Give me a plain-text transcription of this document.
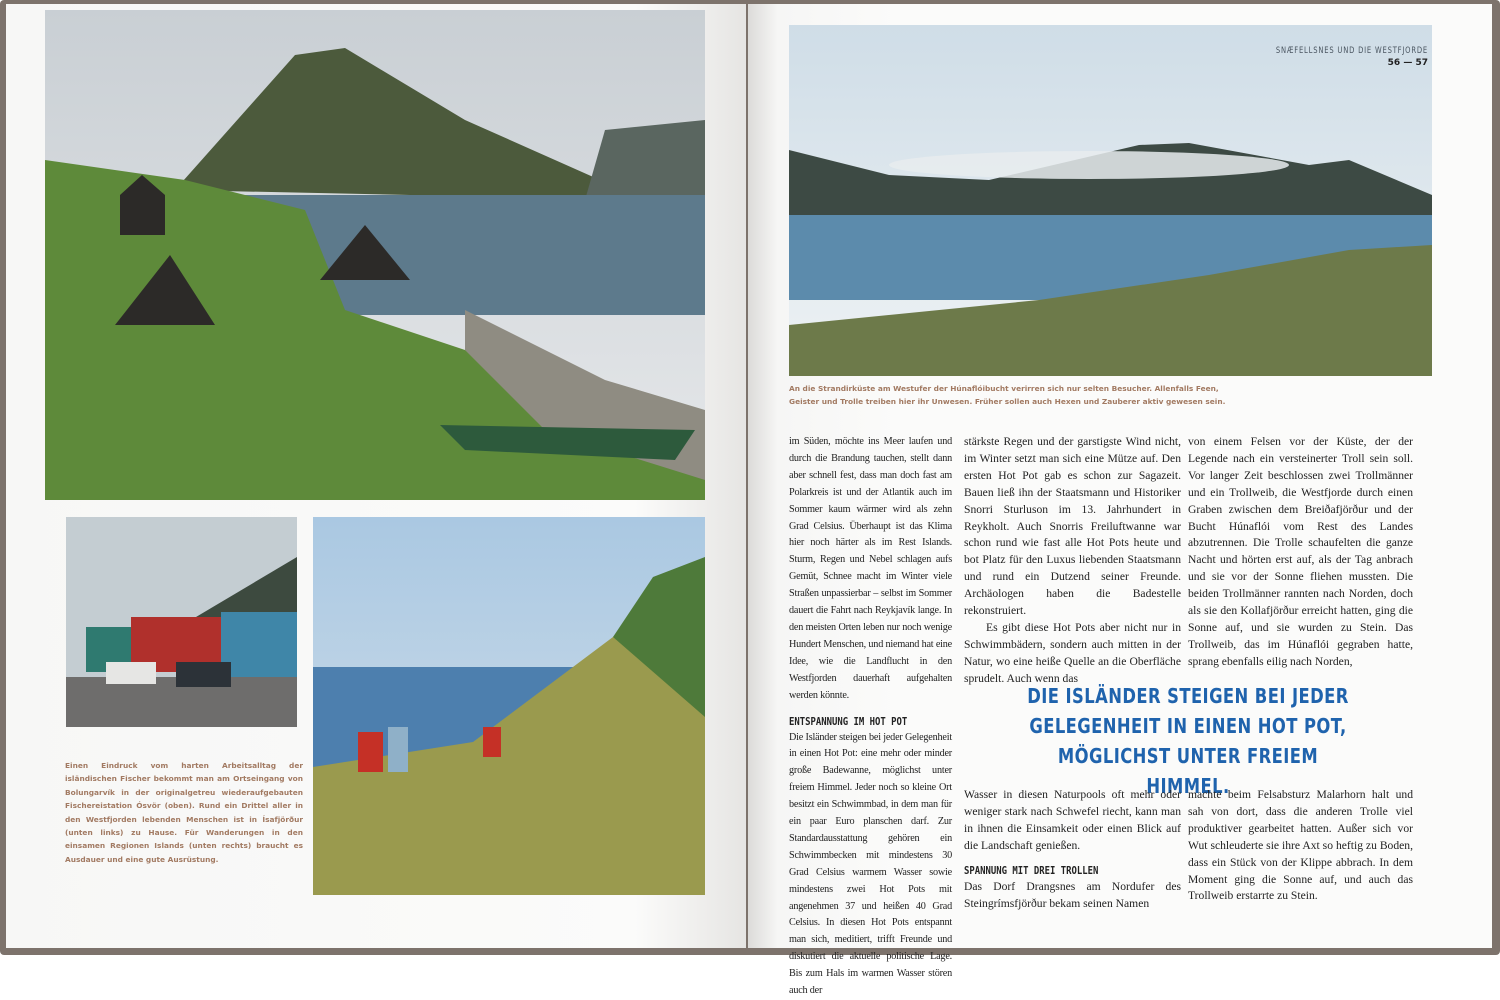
Einen Eindruck vom harten Arbeitsalltag der isländischen Fischer bekommt man am Ortseingang von Bolungarvík in der originalgetreu wiederaufgebauten Fischereistation Ósvör (oben). Rund ein Drittel aller in den Westfjorden lebenden Menschen ist in Ísafjörður (unten links) zu Hause. Für Wanderungen in den einsamen Regionen Islands (unten rechts) braucht es Ausdauer und eine gute Ausrüstung.
SNÆFELLSNES UND DIE WESTFJORDE
56 — 57
An die Strandirküste am Westufer der Húnaflóibucht verirren sich nur selten Besucher. Allenfalls Feen, Geister und Trolle treiben hier ihr Unwesen. Früher sollen auch Hexen und Zauberer aktiv gewesen sein.

im Süden, möchte ins Meer laufen und durch die Brandung tauchen, stellt dann aber schnell fest, dass man doch fast am Polarkreis ist und der Atlantik auch im Sommer kaum wärmer wird als zehn Grad Celsius. Überhaupt ist das Klima hier noch härter als im Rest Islands. Sturm, Regen und Nebel schlagen aufs Gemüt, Schnee macht im Winter viele Straßen unpassierbar – selbst im Sommer dauert die Fahrt nach Reykjavík lange. In den meisten Orten leben nur noch wenige Hundert Menschen, und niemand hat eine Idee, wie die Landflucht in den Westfjorden dauerhaft aufgehalten werden könnte.

ENTSPANNUNG IM HOT POT

Die Isländer steigen bei jeder Gelegenheit in einen Hot Pot: eine mehr oder minder große Badewanne, möglichst unter freiem Himmel. Jeder noch so kleine Ort besitzt ein Schwimmbad, in dem man für ein paar Euro planschen darf. Zur Standardausstattung gehören ein Schwimmbecken mit mindestens 30 Grad Celsius warmem Wasser sowie mindestens zwei Hot Pots mit angenehmen 37 und heißen 40 Grad Celsius. In diesen Hot Pots entspannt man sich, meditiert, trifft Freunde und diskutiert die aktuelle politische Lage. Bis zum Hals im warmen Wasser stören auch der

stärkste Regen und der garstigste Wind nicht, im Winter setzt man sich eine Mütze auf. Den ersten Hot Pot gab es schon zur Sagazeit. Bauen ließ ihn der Staatsmann und Historiker Snorri Sturluson im 13. Jahrhundert in Reykholt. Auch Snorris Freiluftwanne war schon rund wie fast alle Hot Pots heute und bot Platz für den Luxus liebenden Staatsmann und rund ein Dutzend seiner Freunde. Archäologen haben die Badestelle rekonstruiert.

Es gibt diese Hot Pots aber nicht nur in Schwimmbädern, sondern auch mitten in der Natur, wo eine heiße Quelle an die Oberfläche sprudelt. Auch wenn das

von einem Felsen vor der Küste, der der Legende nach ein versteinerter Troll sein soll. Vor langer Zeit beschlossen zwei Trollmänner und ein Trollweib, die Westfjorde durch einen Graben zwischen dem Breiðafjörður und der Bucht Húnaflói vom Rest des Landes abzutrennen. Die Trolle schaufelten die ganze Nacht und hörten erst auf, als der Tag anbrach und sie vor der Sonne fliehen mussten. Die beiden Trollmänner rannten nach Norden, doch als sie den Kollafjörður erreicht hatten, ging die Sonne auf, und sie wurden zu Stein. Das Trollweib, das im Húnaflói gegraben hatte, sprang ebenfalls eilig nach Norden,

DIE ISLÄNDER STEIGEN BEI JEDER GELEGENHEIT IN EINEN HOT POT, MÖGLICHST UNTER FREIEM HIMMEL.

Wasser in diesen Naturpools oft mehr oder weniger stark nach Schwefel riecht, kann man in ihnen die Einsamkeit oder einen Blick auf die Landschaft genießen.

SPANNUNG MIT DREI TROLLEN

Das Dorf Drangsnes am Nordufer des Steingrímsfjörður bekam seinen Namen

machte beim Felsabsturz Malarhorn halt und sah von dort, dass die anderen Trolle viel produktiver gearbeitet hatten. Außer sich vor Wut schleuderte sie ihre Axt so heftig zu Boden, dass ein Stück von der Klippe abbrach. In dem Moment ging die Sonne auf, und auch das Trollweib erstarrte zu Stein.
